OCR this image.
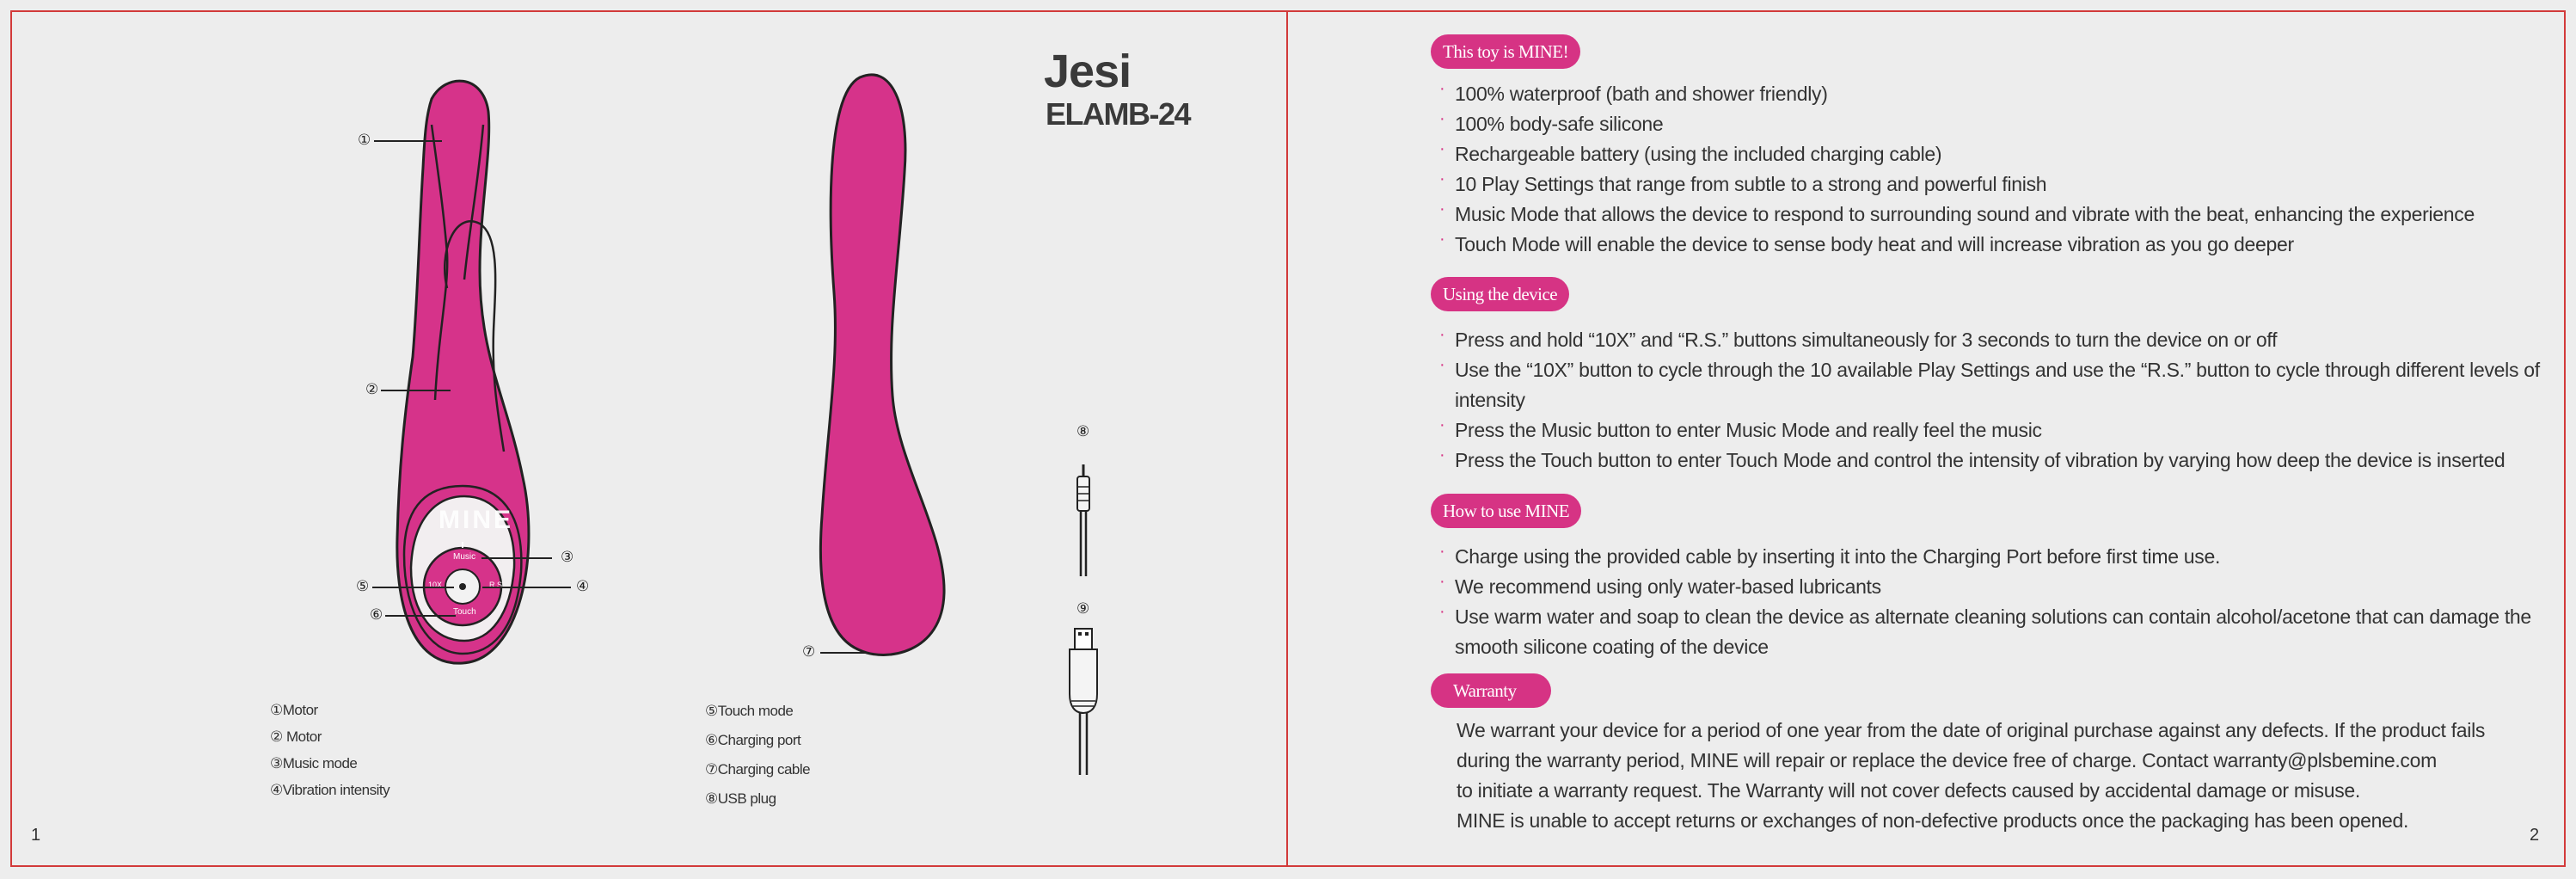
Jesi
ELAMB-24
MINE
Music
Touch
10X	R.S.
①
②
③
④
⑤
⑥
⑦
⑧
⑨
①Motor
② Motor
③Music mode
④Vibration intensity
⑤Touch mode
⑥Charging port
⑦Charging cable
⑧USB plug
1	2
This toy is MINE!
· 100% waterproof (bath and shower friendly)
· 100% body-safe silicone
· Rechargeable battery (using the included charging cable)
· 10 Play Settings that range from subtle to a strong and powerful finish
· Music Mode that allows the device to respond to surrounding sound and vibrate with the beat, enhancing the experience
· Touch Mode will enable the device to sense body heat and will increase vibration as you go deeper
Using the device
· Press and hold “10X” and “R.S.” buttons simultaneously for 3 seconds to turn the device on or off
· Use the “10X” button to cycle through the 10 available Play Settings and use the “R.S.” button to cycle through different levels of intensity
· Press the Music button to enter Music Mode and really feel the music
· Press the Touch button to enter Touch Mode and control the intensity of vibration by varying how deep the device is inserted
How to use MINE
· Charge using the provided cable by inserting it into the Charging Port before first time use.
· We recommend using only water-based lubricants
· Use warm water and soap to clean the device as alternate cleaning solutions can contain alcohol/acetone that can damage the smooth silicone coating of the device
Warranty

We warrant your device for a period of one year from the date of original purchase against any defects. If the product fails

during the warranty period, MINE will repair or replace the device free of charge. Contact warranty@plsbemine.com

to initiate a warranty request. The Warranty will not cover defects caused by accidental damage or misuse.

MINE is unable to accept returns or exchanges of non-defective products once the packaging has been opened.
